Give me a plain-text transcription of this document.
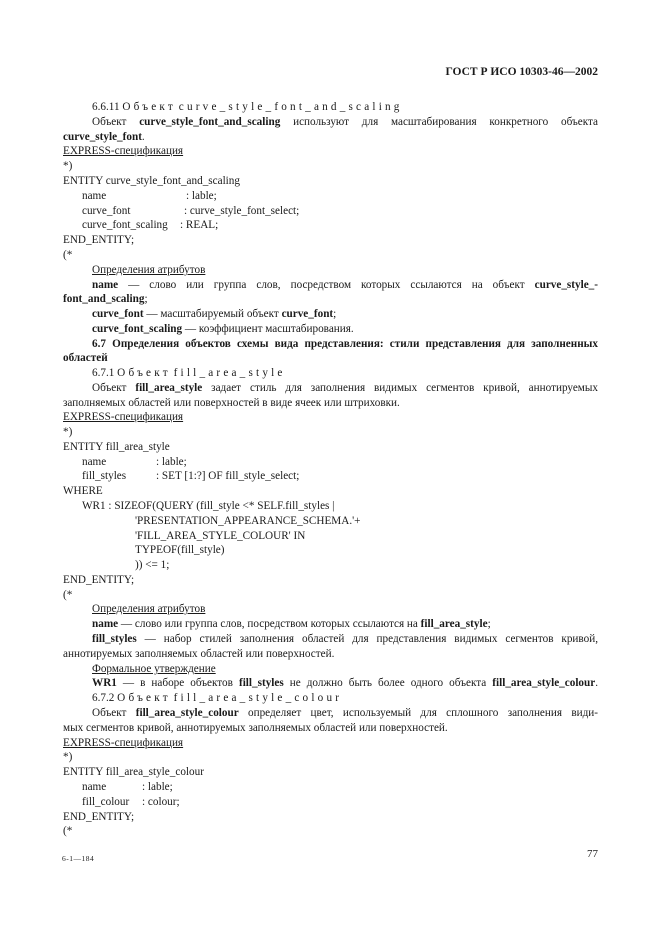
ГОСТ Р ИСО 10303-46—2002
6.6.11 Объект curve_style_font_and_scaling
Объект curve_style_font_and_scaling используют для масштабирования конкретного объекта
curve_style_font.
EXPRESS-спецификация
*)
ENTITY curve_style_font_and_scaling
name	: lable;
curve_font	: curve_style_font_select;
curve_font_scaling : REAL;
END_ENTITY;
(*
Определения атрибутов
name — слово или группа слов, посредством которых ссылаются на объект curve_style_-
font_and_scaling;
curve_font — масштабируемый объект curve_font;
curve_font_scaling — коэффициент масштабирования.
6.7 Определения объектов схемы вида представления: стили представления для заполненных
областей
6.7.1 Объект fill_area_style
Объект fill_area_style задает стиль для заполнения видимых сегментов кривой, аннотируемых
заполняемых областей или поверхностей в виде ячеек или штриховки.
EXPRESS-спецификация
*)
ENTITY fill_area_style
name	: lable;
fill_styles	: SET [1:?] OF fill_style_select;
WHERE
WR1 : SIZEOF(QUERY (fill_style <* SELF.fill_styles |
'PRESENTATION_APPEARANCE_SCHEMA.'+
'FILL_AREA_STYLE_COLOUR' IN
TYPEOF(fill_style)
)) <= 1;
END_ENTITY;
(*
Определения атрибутов
name — слово или группа слов, посредством которых ссылаются на fill_area_style;
fill_styles — набор стилей заполнения областей для представления видимых сегментов кривой,
аннотируемых заполняемых областей или поверхностей.
Формальное утверждение
WR1 — в наборе объектов fill_styles не должно быть более одного объекта fill_area_style_colour.
6.7.2 Объект fill_area_style_colour
Объект fill_area_style_colour определяет цвет, используемый для сплошного заполнения види-
мых сегментов кривой, аннотируемых заполняемых областей или поверхностей.
EXPRESS-спецификация
*)
ENTITY fill_area_style_colour
name	: lable;
fill_colour : colour;
END_ENTITY;
(*
6-1—184	77
